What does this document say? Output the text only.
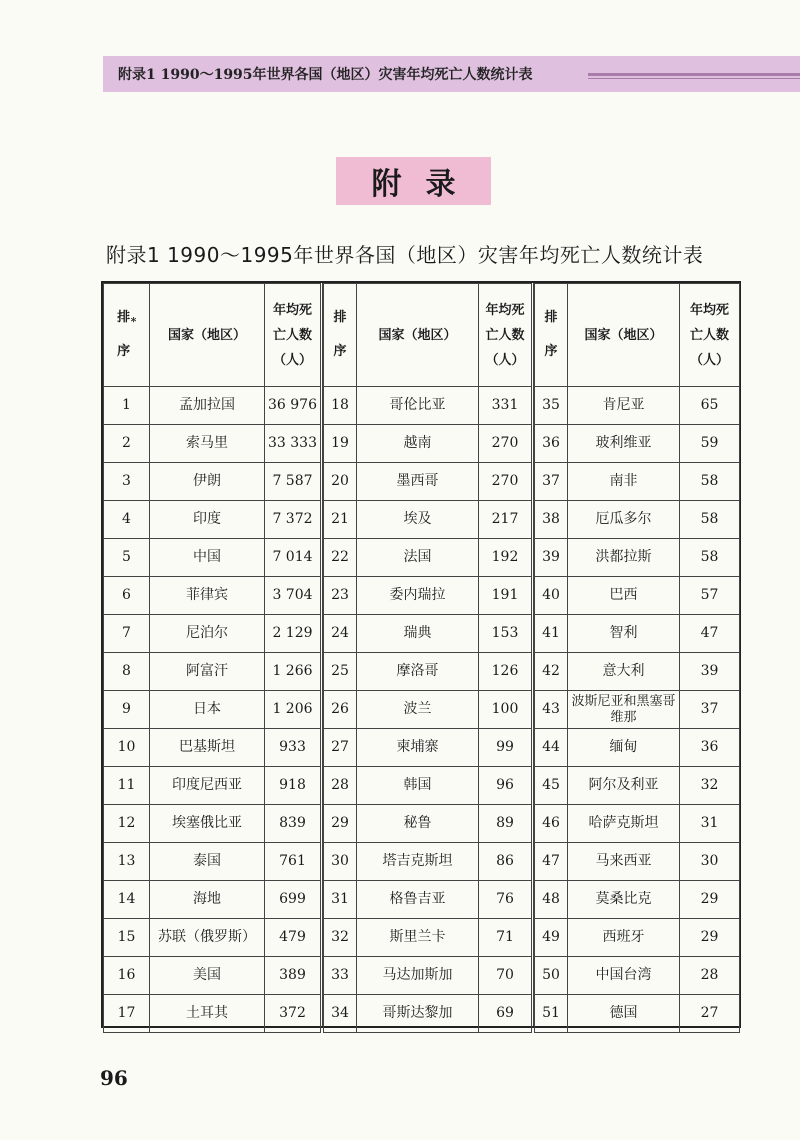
附录1 1990～1995年世界各国（地区）灾害年均死亡人数统计表
附录
附录1 1990～1995年世界各国（地区）灾害年均死亡人数统计表
排序*	国家（地区）	年均死亡人数（人）
1	孟加拉国	36 976
2	索马里	33 333
3	伊朗	7 587
4	印度	7 372
5	中国	7 014
6	菲律宾	3 704
7	尼泊尔	2 129
8	阿富汗	1 266
9	日本	1 206
10	巴基斯坦	933
11	印度尼西亚	918
12	埃塞俄比亚	839
13	泰国	761
14	海地	699
15	苏联（俄罗斯）	479
16	美国	389
17	土耳其	372
排序	国家（地区）	年均死亡人数（人）
18	哥伦比亚	331
19	越南	270
20	墨西哥	270
21	埃及	217
22	法国	192
23	委内瑞拉	191
24	瑞典	153
25	摩洛哥	126
26	波兰	100
27	柬埔寨	99
28	韩国	96
29	秘鲁	89
30	塔吉克斯坦	86
31	格鲁吉亚	76
32	斯里兰卡	71
33	马达加斯加	70
34	哥斯达黎加	69
排序	国家（地区）	年均死亡人数（人）
35	肯尼亚	65
36	玻利维亚	59
37	南非	58
38	厄瓜多尔	58
39	洪都拉斯	58
40	巴西	57
41	智利	47
42	意大利	39
43	波斯尼亚和黑塞哥维那	37
44	缅甸	36
45	阿尔及利亚	32
46	哈萨克斯坦	31
47	马来西亚	30
48	莫桑比克	29
49	西班牙	29
50	中国台湾	28
51	德国	27
96
